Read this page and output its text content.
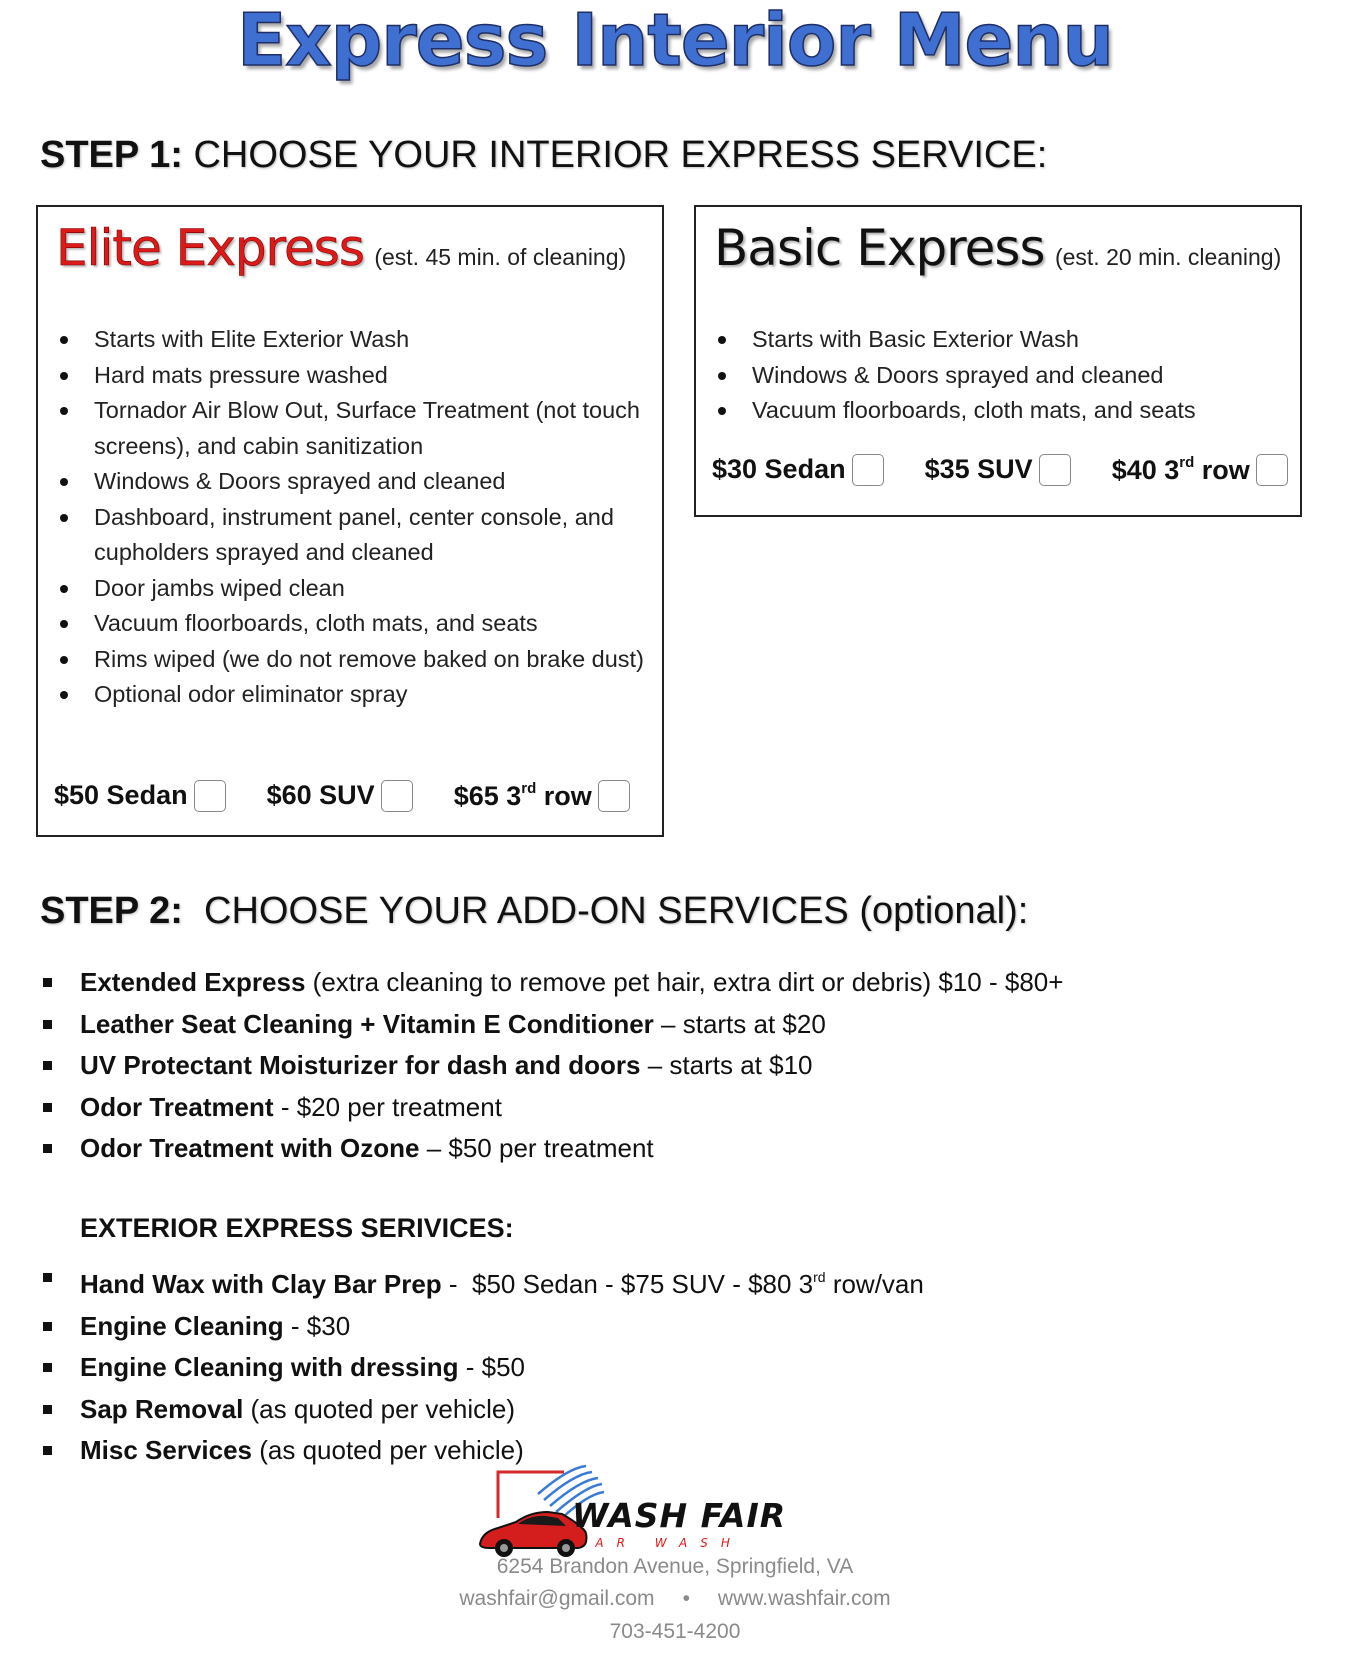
Express Interior Menu
STEP 1: CHOOSE YOUR INTERIOR EXPRESS SERVICE:
Elite Express (est. 45 min. of cleaning)
Starts with Elite Exterior Wash
Hard mats pressure washed
Tornador Air Blow Out, Surface Treatment (not touch screens), and cabin sanitization
Windows & Doors sprayed and cleaned
Dashboard, instrument panel, center console, and cupholders sprayed and cleaned
Door jambs wiped clean
Vacuum floorboards, cloth mats, and seats
Rims wiped (we do not remove baked on brake dust)
Optional odor eliminator spray
$50 Sedan	$60 SUV	$65 3rd row
Basic Express (est. 20 min. cleaning)
Starts with Basic Exterior Wash
Windows & Doors sprayed and cleaned
Vacuum floorboards, cloth mats, and seats
$30 Sedan	$35 SUV	$40 3rd row
STEP 2:  CHOOSE YOUR ADD-ON SERVICES (optional):
Extended Express (extra cleaning to remove pet hair, extra dirt or debris) $10 - $80+
Leather Seat Cleaning + Vitamin E Conditioner – starts at $20
UV Protectant Moisturizer for dash and doors – starts at $10
Odor Treatment - $20 per treatment
Odor Treatment with Ozone – $50 per treatment
EXTERIOR EXPRESS SERIVICES:
Hand Wax with Clay Bar Prep -  $50 Sedan - $75 SUV - $80 3rd row/van
Engine Cleaning - $30
Engine Cleaning with dressing - $50
Sap Removal (as quoted per vehicle)
Misc Services (as quoted per vehicle)
WASH FAIR
CAR WASH
6254 Brandon Avenue, Springfield, VA
washfair@gmail.com • www.washfair.com
703-451-4200
